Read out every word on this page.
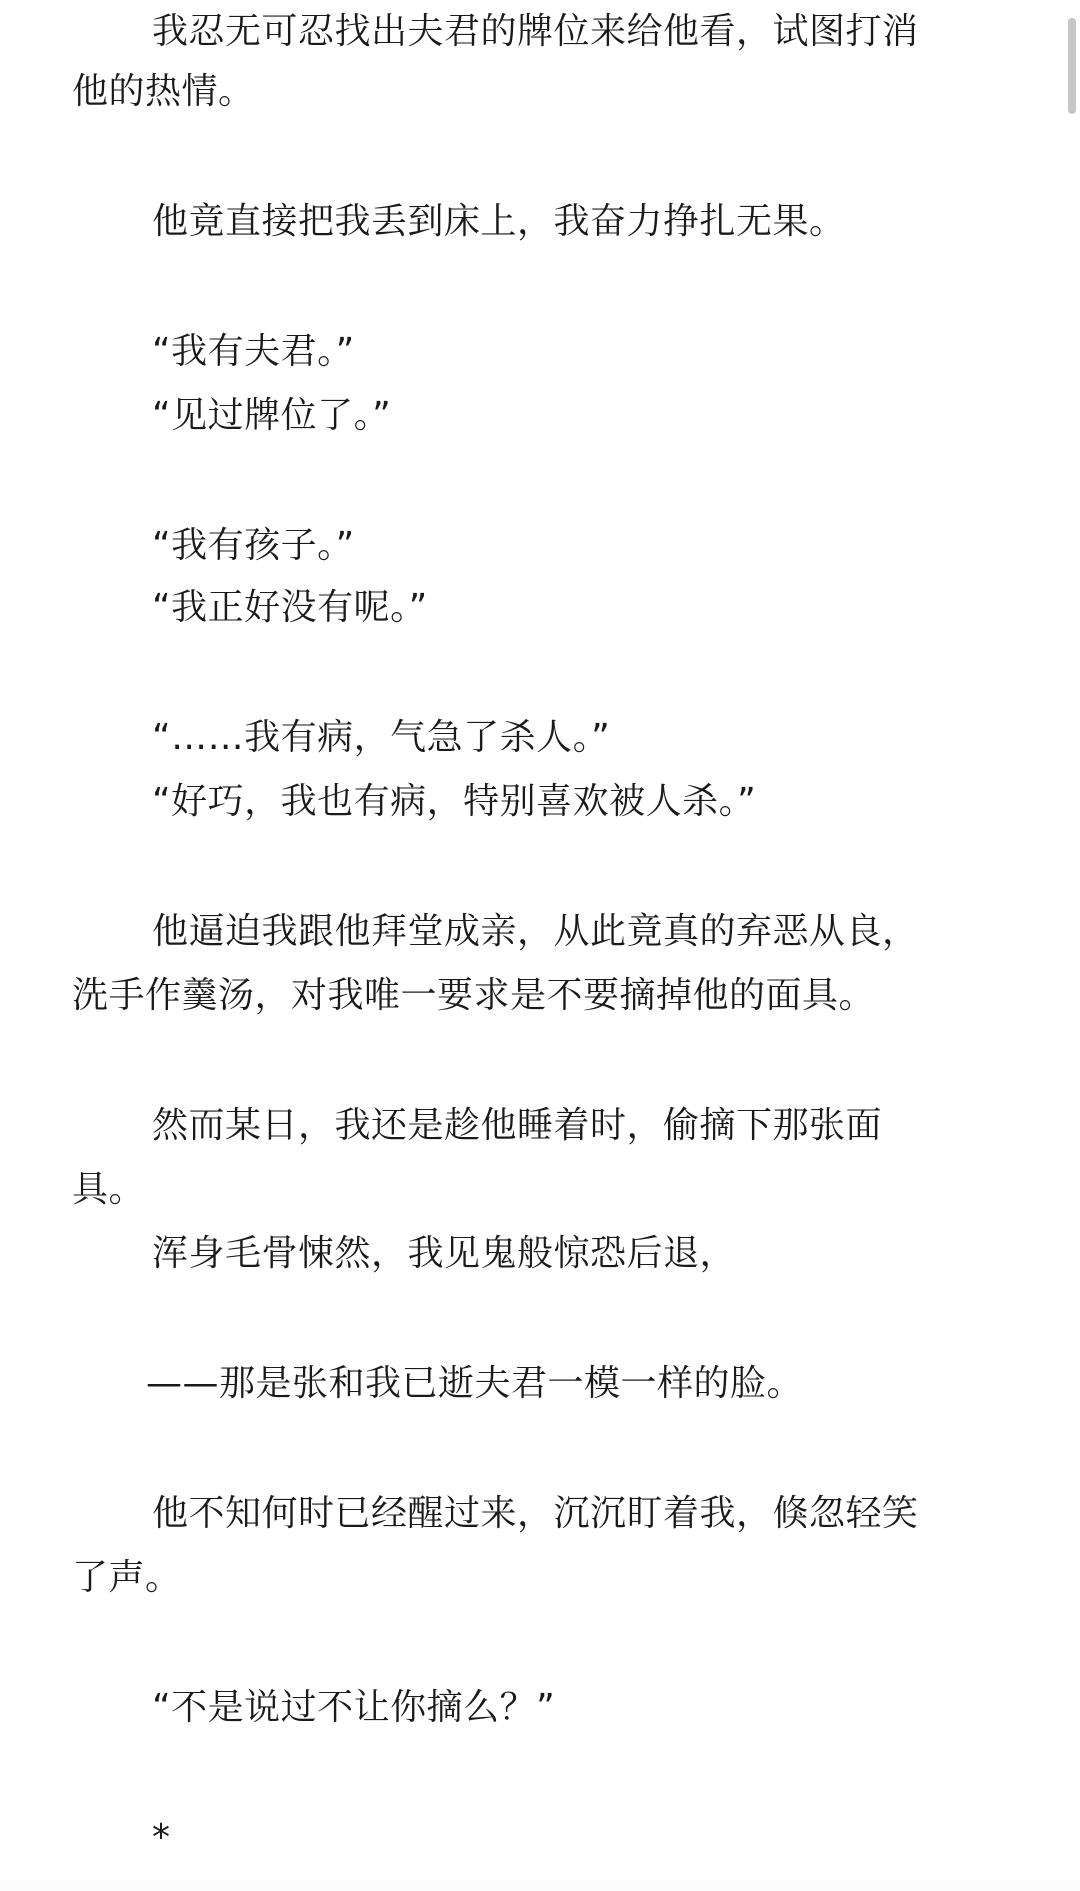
我忍无可忍找出夫君的牌位来给他看，试图打消
他的热情。
他竟直接把我丢到床上，我奋力挣扎无果。
“我有夫君。”
“见过牌位了。”
“我有孩子。”
“我正好没有呢。”
“……我有病，气急了杀人。”
“好巧，我也有病，特别喜欢被人杀。”
他逼迫我跟他拜堂成亲，从此竟真的弃恶从良，
洗手作羹汤，对我唯一要求是不要摘掉他的面具。
然而某日，我还是趁他睡着时，偷摘下那张面
具。
浑身毛骨悚然，我见鬼般惊恐后退，
——那是张和我已逝夫君一模一样的脸。
他不知何时已经醒过来，沉沉盯着我，倏忽轻笑
了声。
“不是说过不让你摘么？”
*
